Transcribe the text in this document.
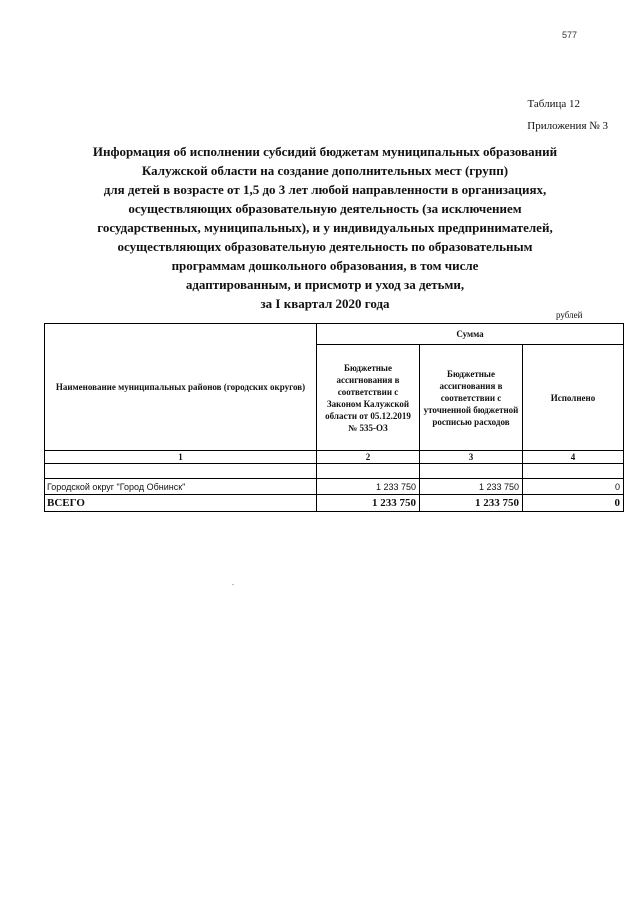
577
Таблица 12
Приложения № 3
Информация об исполнении субсидий бюджетам муниципальных образований
Калужской области на создание дополнительных мест (групп)
для детей в возрасте от 1,5 до 3 лет любой направленности в организациях,
осуществляющих образовательную деятельность (за исключением
государственных, муниципальных), и у индивидуальных предпринимателей,
осуществляющих образовательную деятельность по образовательным
программам дошкольного образования, в том числе
адаптированным, и присмотр и уход за детьми,
за I квартал 2020 года
рублей
Наименование муниципальных районов (городских округов)	Сумма		
	Бюджетные ассигнования в соответствии с Законом Калужской области от 05.12.2019 № 535-ОЗ	Бюджетные ассигнования в соответствии с уточненной бюджетной росписью расходов	Исполнено
1	2	3	4

Городской округ "Город Обнинск"	1 233 750	1 233 750	0
ВСЕГО	1 233 750	1 233 750	0
